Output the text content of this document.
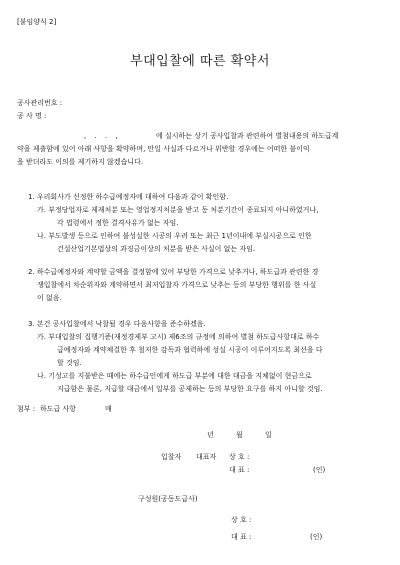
[붙임양식 2]
부대입찰에 따른 확약서
공사관리번호 :
공 사 명 :
, . . ,	에 실시하는 상기 공사입찰과 관련하여 별첨내용의 하도급계
약을 제출함에 있어 아래 사항을 확약하며, 만일 사실과 다르거나 위반할 경우에는 어떠한 불이익
을 받더라도 이의를 제기하지 않겠습니다.
1. 우리회사가 선정한 하수급예정자에 대하여 다음과 같이 확인함.
가. 부정당업자로 제재처분 또는 영업정지처분을 받고 동 처분기간이 종료되지 아니하였거나,
각 법령에서 정한 결격사유가 없는 자임.
나. 부도발생 등으로 인하여 불성실한 시공의 우려 또는 최근 1년이내에 부실시공으로 인한
건설산업기본법상의 과징금이상의 처분을 받은 사실이 없는 자임.
2. 하수급예정자와 계약할 금액을 결정함에 있어 부당한 가격으로 낮추거나, 하도급과 관련한 경
쟁입찰에서 차순위자와 계약하면서 최저입찰자 가격으로 낮추는 등의 부당한 행위를 한 사실
이 없음.
3. 본건 공사입찰에서 낙찰될 경우 다음사항을 준수하겠음.
가. 부대입찰의 집행기준(재정경제부 고시) 제6조의 규정에 의하여 별첨 하도급사항대로 하수
급예정자와 계약체결한 후 철저한 감독과 협력하에 성실 시공이 이루어지도록 최선을 다
할 것임.
나. 기성고를 지불받은 때에는 하수급인에게 하도급 부분에 대한 대금을 지체없이 현금으로
지급함은 물론, 지급할 대금에서 일부를 공제하는 등의 부당한 요구를 하지 아니할 것임.
첨부 : 하도급 사항	매
년 월 일
입찰자 대표자 상 호 :
대 표 :	(인)
구성원(공동도급사)
상 호 :
대 표 :	(인)
